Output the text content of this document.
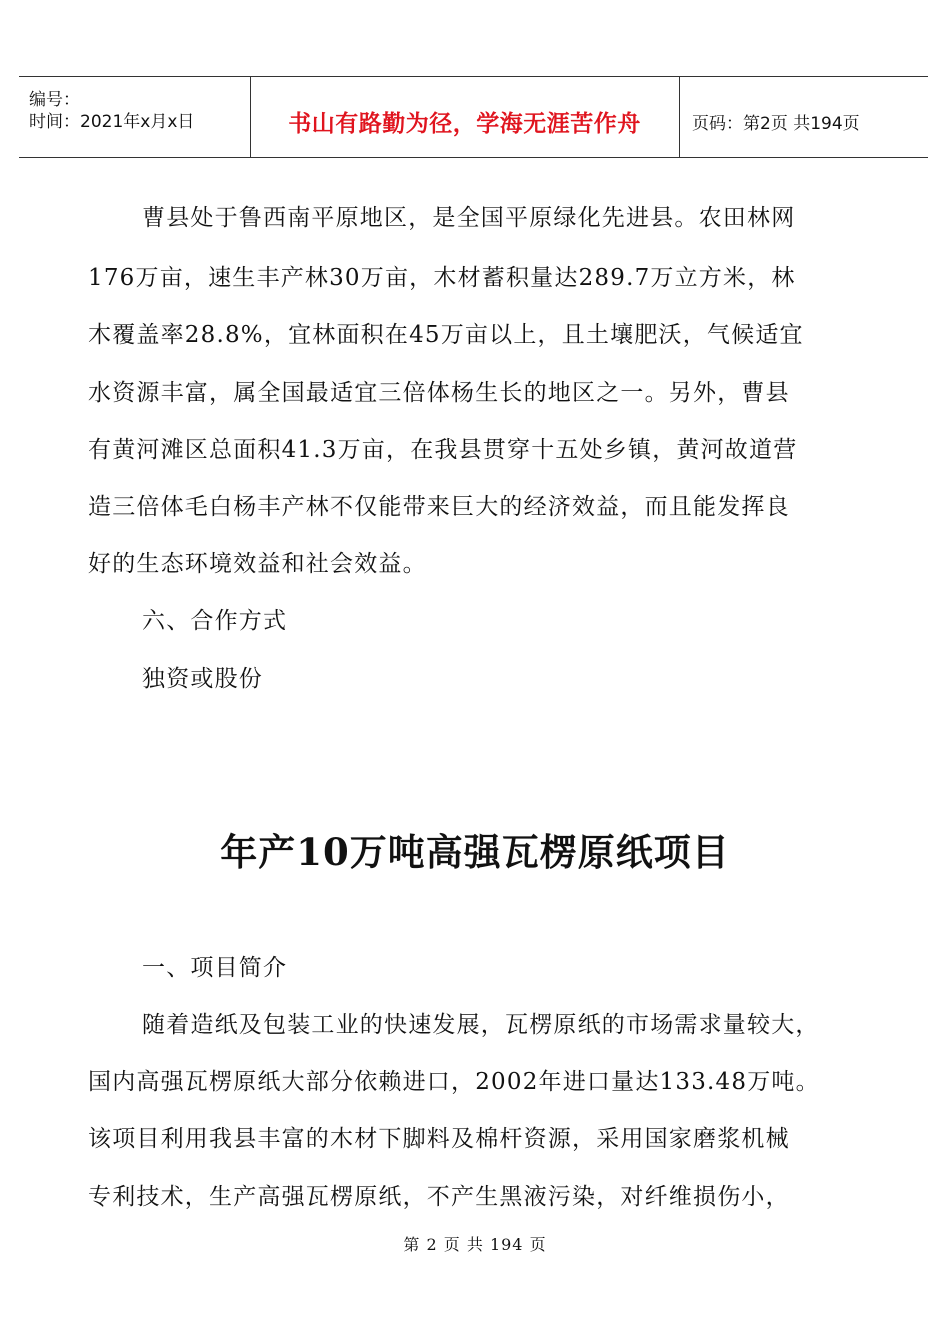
编号：
时间：2021年x月x日	书山有路勤为径，学海无涯苦作舟	页码：第2页 共194页
曹县处于鲁西南平原地区，是全国平原绿化先进县。农田林网
176万亩，速生丰产林30万亩，木材蓄积量达289.7万立方米，林
木覆盖率28.8%，宜林面积在45万亩以上，且土壤肥沃，气候适宜
水资源丰富，属全国最适宜三倍体杨生长的地区之一。另外，曹县
有黄河滩区总面积41.3万亩，在我县贯穿十五处乡镇，黄河故道营
造三倍体毛白杨丰产林不仅能带来巨大的经济效益，而且能发挥良
好的生态环境效益和社会效益。
六、合作方式
独资或股份
年产10万吨高强瓦楞原纸项目
一、项目简介
随着造纸及包装工业的快速发展，瓦楞原纸的市场需求量较大，
国内高强瓦楞原纸大部分依赖进口，2002年进口量达133.48万吨。
该项目利用我县丰富的木材下脚料及棉杆资源，采用国家磨浆机械
专利技术，生产高强瓦楞原纸，不产生黑液污染，对纤维损伤小，
第 2 页 共 194 页
